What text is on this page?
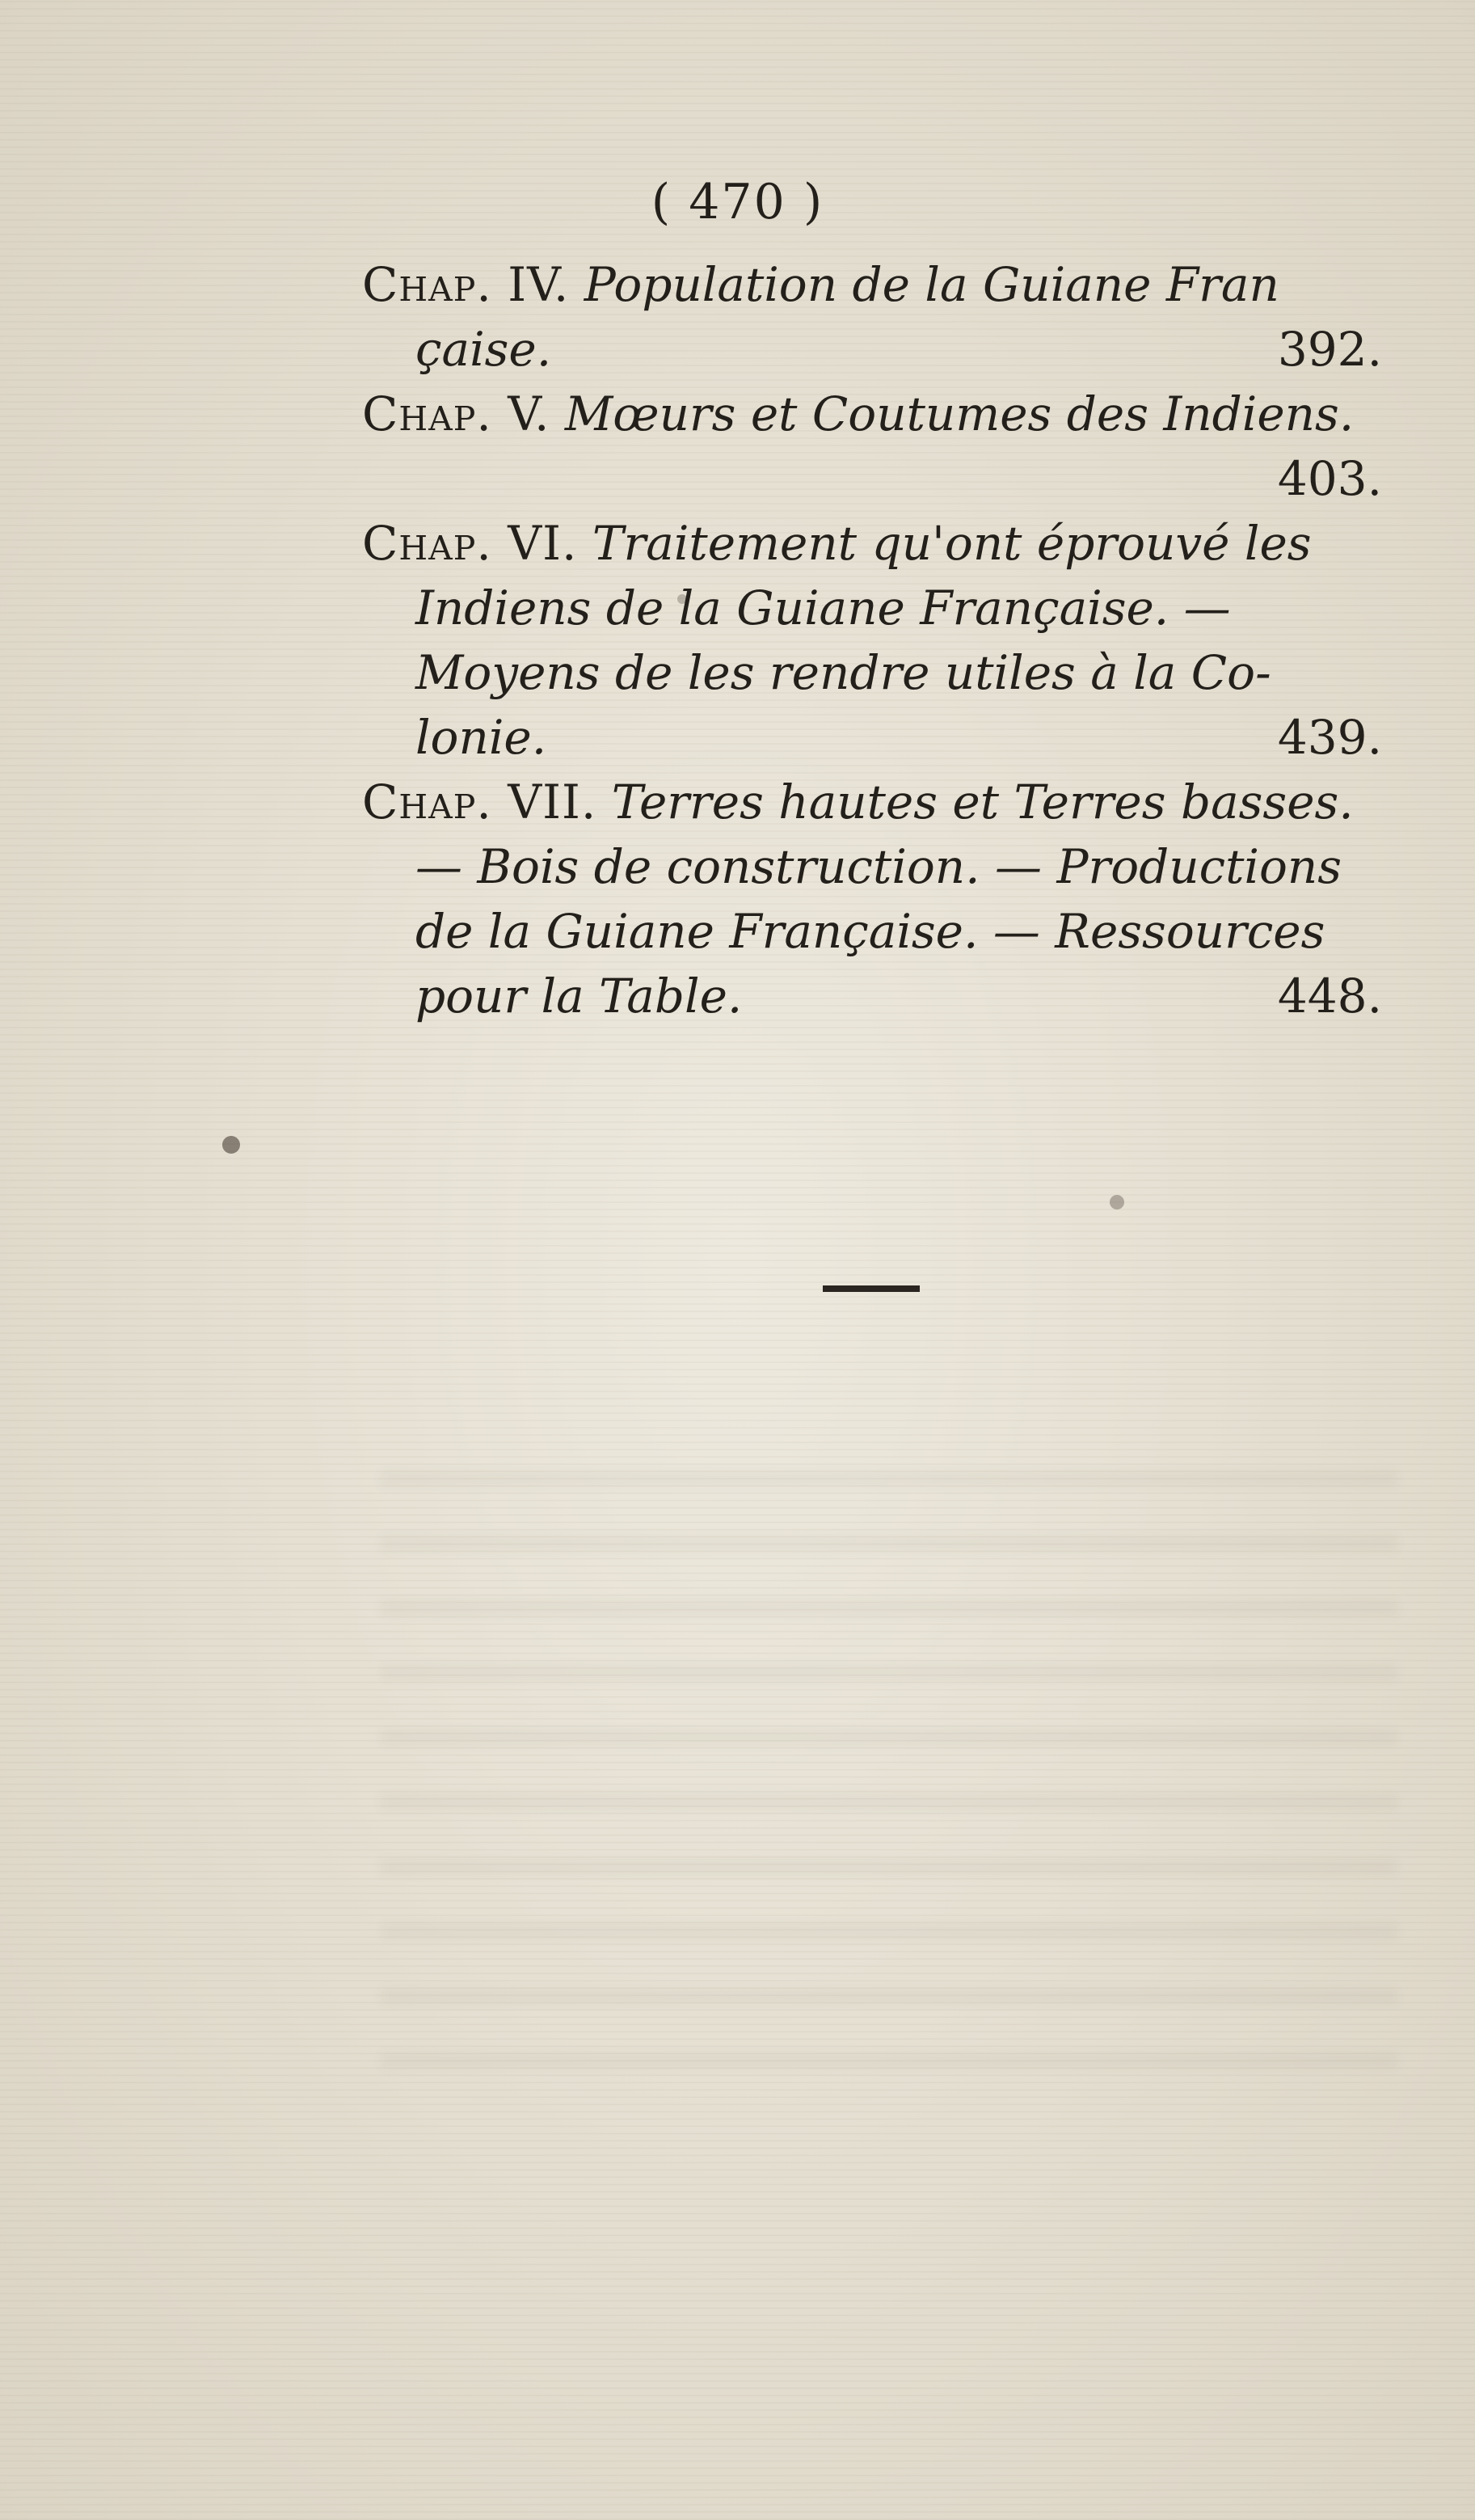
( 470 )
Chap. IV. Population de la Guiane Fran
çaise.	392.
Chap. V. Mœurs et Coutumes des Indiens.
403.
Chap. VI. Traitement qu'ont éprouvé les
Indiens de la Guiane Française. —
Moyens de les rendre utiles à la Co-
lonie.	439.
Chap. VII. Terres hautes et Terres basses.
— Bois de construction. — Productions
de la Guiane Française. — Ressources
pour la Table.	448.
